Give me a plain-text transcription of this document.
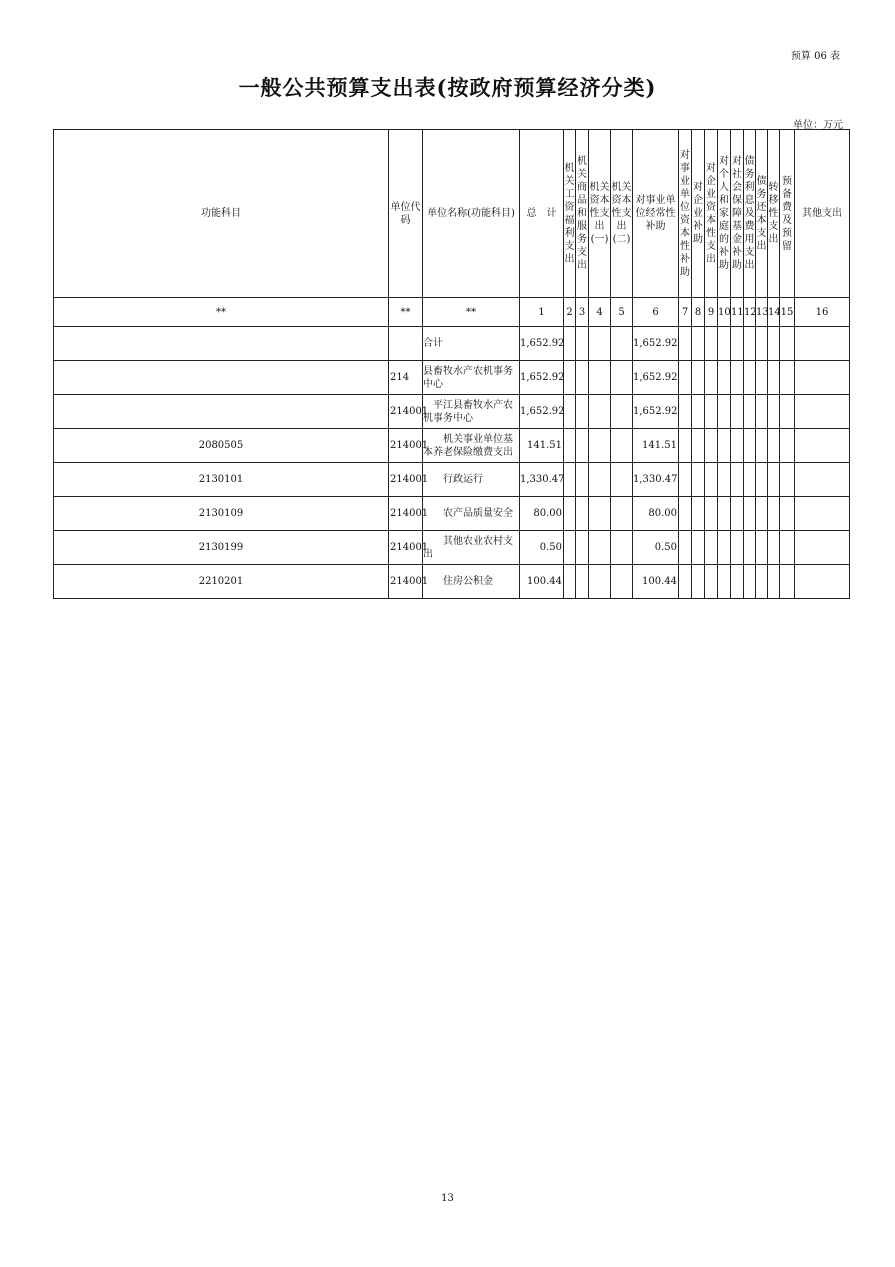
预算 06 表
一般公共预算支出表(按政府预算经济分类)
单位：万元
功能科目	单位代码	单位名称(功能科目)	总　计	机关工资福利支出	机关商品和服务支出	机关资本性支出(一)	机关资本性支出(二)	对事业单位经常性补助	对事业单位资本性补助	对企业补助	对企业资本性支出	对个人和家庭的补助	对社会保障基金补助	债务利息及费用支出	债务还本支出	转移性支出	预备费及预留	其他支出
**	**	**	1	2	3	4	5	6	7	8	9	10	11	12	13	14	15	16
		合计	1,652.92					1,652.92										
	214	县畜牧水产农机事务中心	1,652.92					1,652.92										
	214001	　平江县畜牧水产农机事务中心	1,652.92					1,652.92										
2080505	214001	　　机关事业单位基本养老保险缴费支出	141.51					141.51										
2130101	214001	　　行政运行	1,330.47					1,330.47										
2130109	214001	　　农产品质量安全	80.00					80.00										
2130199	214001	　　其他农业农村支出	0.50					0.50										
2210201	214001	　　住房公积金	100.44					100.44										
13
